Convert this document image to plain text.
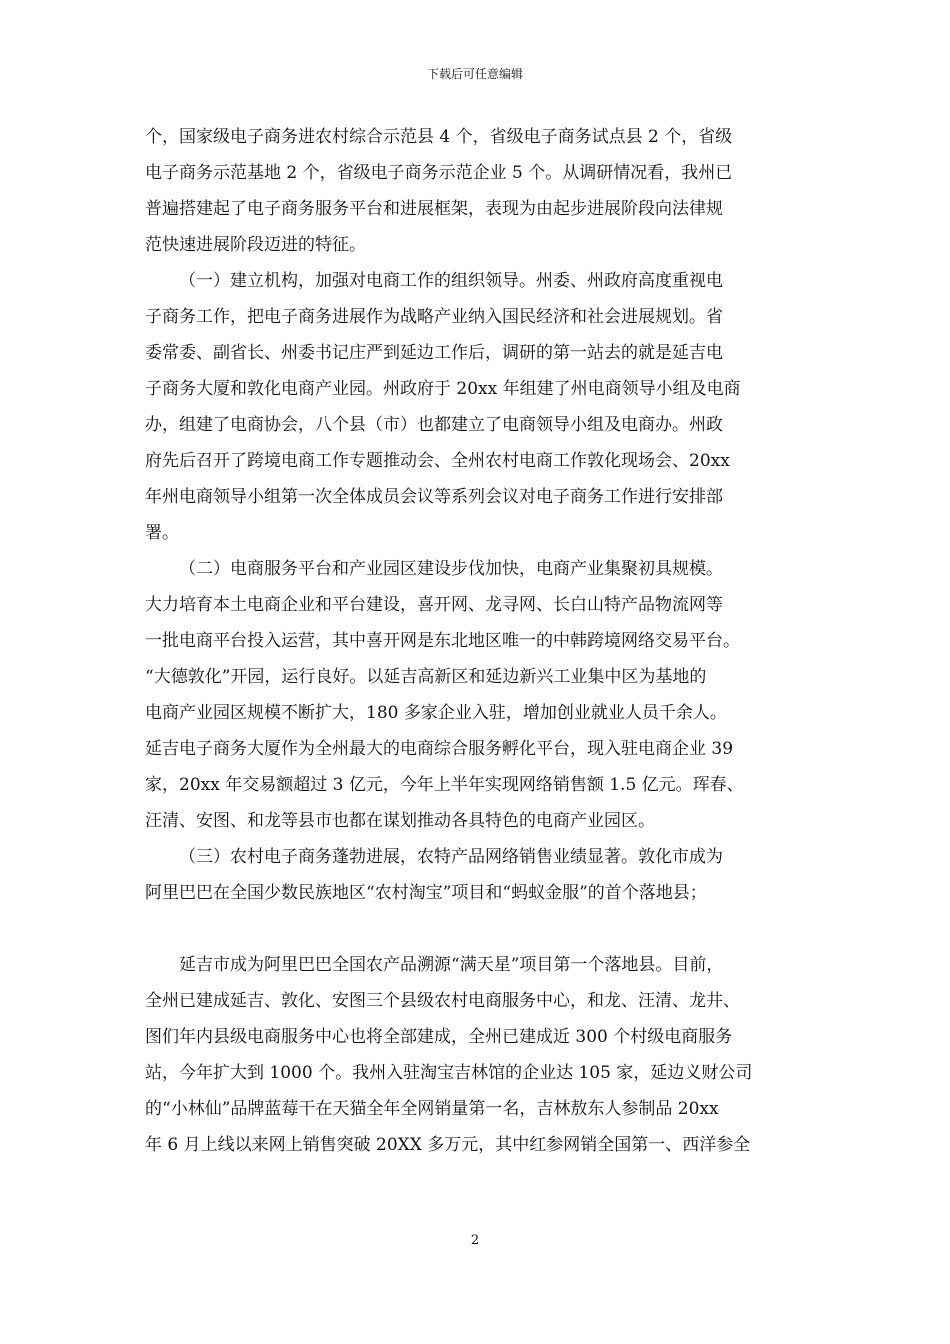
下载后可任意编辑
个，国家级电子商务进农村综合示范县 4 个，省级电子商务试点县 2 个，省级
电子商务示范基地 2 个，省级电子商务示范企业 5 个。从调研情况看，我州已
普遍搭建起了电子商务服务平台和进展框架，表现为由起步进展阶段向法律规
范快速进展阶段迈进的特征。
（一）建立机构，加强对电商工作的组织领导。州委、州政府高度重视电
子商务工作，把电子商务进展作为战略产业纳入国民经济和社会进展规划。省
委常委、副省长、州委书记庄严到延边工作后，调研的第一站去的就是延吉电
子商务大厦和敦化电商产业园。州政府于 20xx 年组建了州电商领导小组及电商
办，组建了电商协会，八个县（市）也都建立了电商领导小组及电商办。州政
府先后召开了跨境电商工作专题推动会、全州农村电商工作敦化现场会、20xx
年州电商领导小组第一次全体成员会议等系列会议对电子商务工作进行安排部
署。
（二）电商服务平台和产业园区建设步伐加快，电商产业集聚初具规模。
大力培育本土电商企业和平台建设，喜开网、龙寻网、长白山特产品物流网等
一批电商平台投入运营，其中喜开网是东北地区唯一的中韩跨境网络交易平台。
“大德敦化”开园，运行良好。以延吉高新区和延边新兴工业集中区为基地的
电商产业园区规模不断扩大，180 多家企业入驻，增加创业就业人员千余人。
延吉电子商务大厦作为全州最大的电商综合服务孵化平台，现入驻电商企业 39
家，20xx 年交易额超过 3 亿元，今年上半年实现网络销售额 1.5 亿元。珲春、
汪清、安图、和龙等县市也都在谋划推动各具特色的电商产业园区。
（三）农村电子商务蓬勃进展，农特产品网络销售业绩显著。敦化市成为
阿里巴巴在全国少数民族地区“农村淘宝”项目和“蚂蚁金服”的首个落地县；
延吉市成为阿里巴巴全国农产品溯源“满天星”项目第一个落地县。目前，
全州已建成延吉、敦化、安图三个县级农村电商服务中心，和龙、汪清、龙井、
图们年内县级电商服务中心也将全部建成，全州已建成近 300 个村级电商服务
站，今年扩大到 1000 个。我州入驻淘宝吉林馆的企业达 105 家，延边义财公司
的“小林仙”品牌蓝莓干在天猫全年全网销量第一名，吉林敖东人参制品 20xx
年 6 月上线以来网上销售突破 20XX 多万元，其中红参网销全国第一、西洋参全
2
